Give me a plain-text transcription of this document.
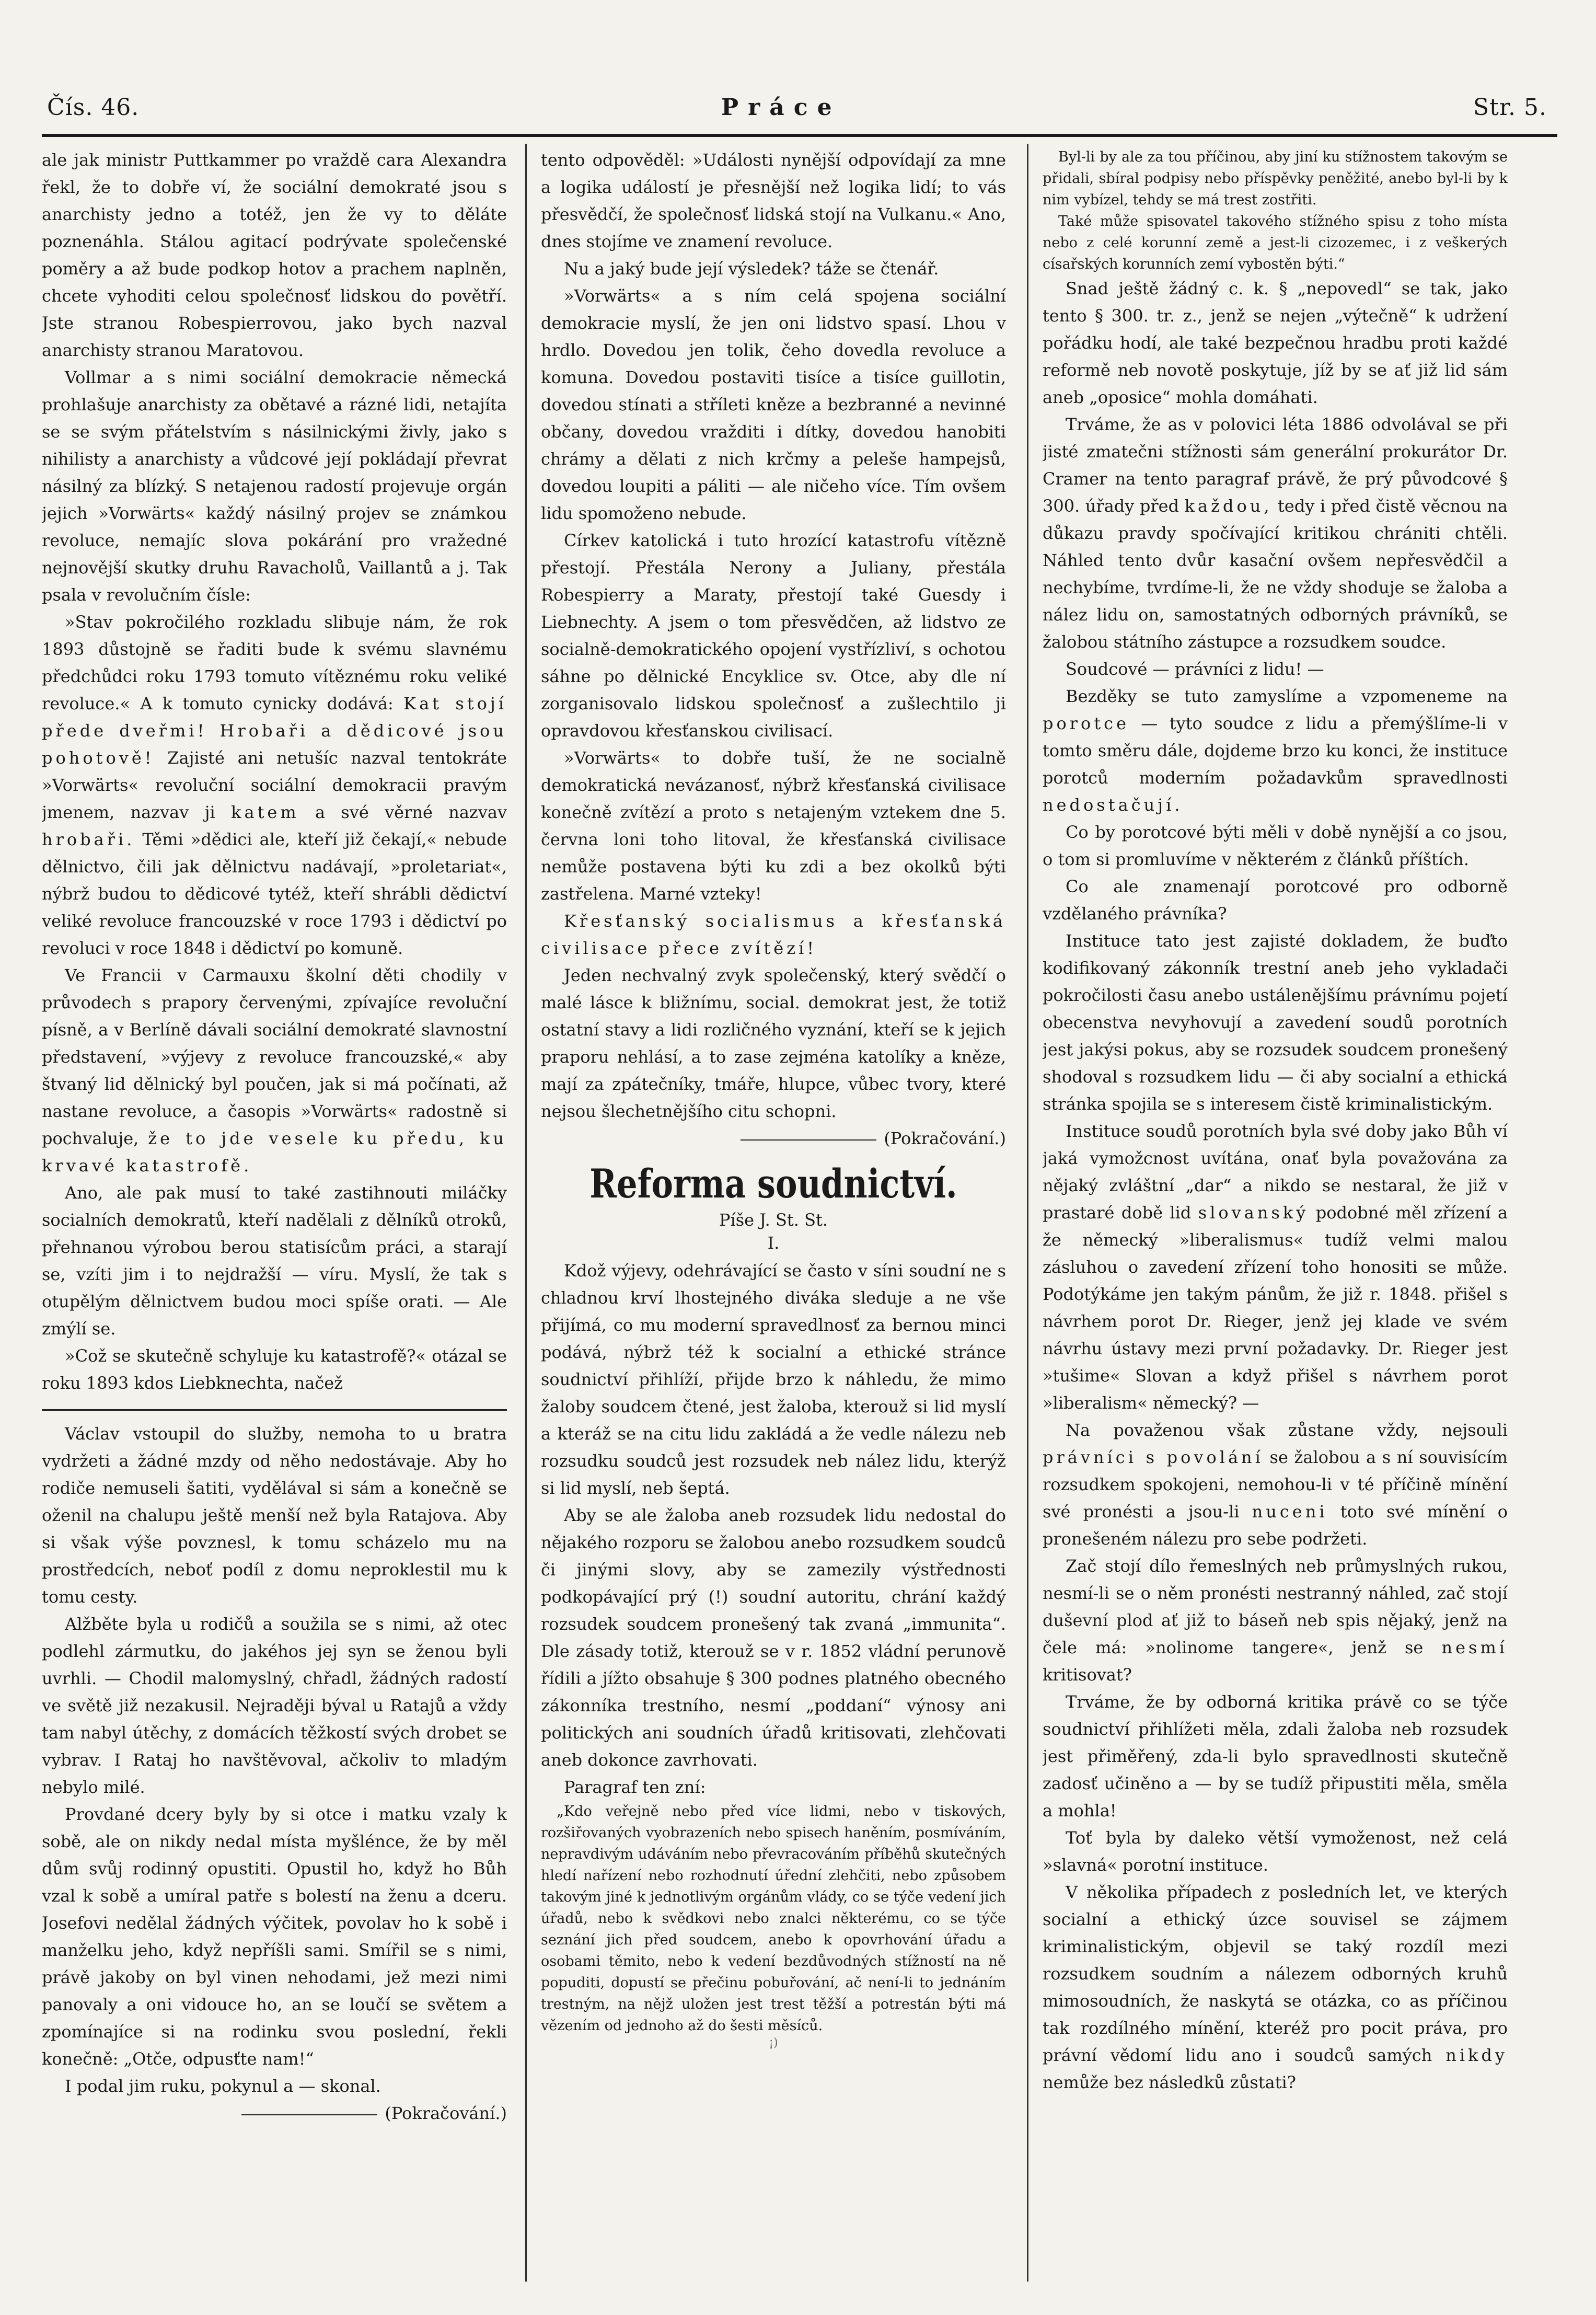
Čís. 46.	Práce	Str. 5.

ale jak ministr Puttkammer po vraždě cara Alexandra řekl, že to dobře ví, že sociální demokraté jsou s anarchisty jedno a totéž, jen že vy to děláte poznenáhla. Stálou agitací podrývate společenské poměry a až bude podkop hotov a prachem naplněn, chcete vyhoditi celou společnosť lidskou do povětří. Jste stranou Robespierrovou, jako bych nazval anarchisty stranou Maratovou.

Vollmar a s nimi sociální demokracie německá prohlašuje anarchisty za obětavé a rázné lidi, netajíta se se svým přátelstvím s násilnickými živly, jako s nihilisty a anarchisty a vůdcové její pokládají převrat násilný za blízký. S netajenou radostí projevuje orgán jejich »Vorwärts« každý násilný projev se známkou revoluce, nemajíc slova pokárání pro vražedné nejnovější skutky druhu Ravacholů, Vaillantů a j. Tak psala v revolučním čísle:

»Stav pokročilého rozkladu slibuje nám, že rok 1893 důstojně se řaditi bude k svému slavnému předchůdci roku 1793 tomuto vítěznému roku veliké revoluce.« A k tomuto cynicky dodává: Kat stojí přede dveřmi! Hrobaři a dědicové jsou pohotově! Zajisté ani netušíc nazval tentokráte »Vorwärts« revoluční sociální demokracii pravým jmenem, nazvav ji katem a své věrné nazvav hrobaři. Těmi »dědici ale, kteří již čekají,« nebude dělnictvo, čili jak dělnictvu nadávají, »proletariat«, nýbrž budou to dědicové tytéž, kteří shrábli dědictví veliké revoluce francouzské v roce 1793 i dědictví po revoluci v roce 1848 i dědictví po komuně.

Ve Francii v Carmauxu školní děti chodily v průvodech s prapory červenými, zpívajíce revoluční písně, a v Berlíně dávali sociální demokraté slavnostní představení, »výjevy z revoluce francouzské,« aby štvaný lid dělnický byl poučen, jak si má počínati, až nastane revoluce, a časopis »Vorwärts« radostně si pochvaluje, že to jde vesele ku předu, ku krvavé katastrofě.

Ano, ale pak musí to také zastihnouti miláčky socialních demokratů, kteří nadělali z dělníků otroků, přehnanou výrobou berou statisícům práci, a starají se, vzíti jim i to nejdražší — víru. Myslí, že tak s otupělým dělnictvem budou moci spíše orati. — Ale zmýlí se.

»Což se skutečně schyluje ku katastrofě?« otázal se roku 1893 kdos Liebknechta, načež

Václav vstoupil do služby, nemoha to u bratra vydržeti a žádné mzdy od něho nedostávaje. Aby ho rodiče nemuseli šatiti, vydělával si sám a konečně se oženil na chalupu ještě menší než byla Ratajova. Aby si však výše povznesl, k tomu scházelo mu na prostředcích, neboť podíl z domu neproklestil mu k tomu cesty.

Alžběte byla u rodičů a soužila se s nimi, až otec podlehl zármutku, do jakéhos jej syn se ženou byli uvrhli. — Chodil malomyslný, chřadl, žádných radostí ve světě již nezakusil. Nejraději býval u Ratajů a vždy tam nabyl útěchy, z domácích těžkostí svých drobet se vybrav. I Rataj ho navštěvoval, ačkoliv to mladým nebylo milé.

Provdané dcery byly by si otce i matku vzaly k sobě, ale on nikdy nedal místa myšlénce, že by měl dům svůj rodinný opustiti. Opustil ho, když ho Bůh vzal k sobě a umíral patře s bolestí na ženu a dceru. Josefovi nedělal žádných výčitek, povolav ho k sobě i manželku jeho, když nepříšli sami. Smířil se s nimi, právě jakoby on byl vinen nehodami, jež mezi nimi panovaly a oni vidouce ho, an se loučí se světem a zpomínajíce si na rodinku svou poslední, řekli konečně: „Otče, odpusťte nam!“

I podal jim ruku, pokynul a — skonal.

(Pokračování.)

tento odpověděl: »Události nynější odpovídají za mne a logika událostí je přesnější než logika lidí; to vás přesvědčí, že společnosť lidská stojí na Vulkanu.« Ano, dnes stojíme ve znamení revoluce.

Nu a jaký bude její výsledek? táže se čtenář.

»Vorwärts« a s ním celá spojena sociální demokracie myslí, že jen oni lidstvo spasí. Lhou v hrdlo. Dovedou jen tolik, čeho dovedla revoluce a komuna. Dovedou postaviti tisíce a tisíce guillotin, dovedou stínati a stříleti kněze a bezbranné a nevinné občany, dovedou vražditi i dítky, dovedou hanobiti chrámy a dělati z nich krčmy a peleše hampejsů, dovedou loupiti a páliti — ale ničeho více. Tím ovšem lidu spomoženo nebude.

Církev katolická i tuto hrozící katastrofu vítězně přestojí. Přestála Nerony a Juliany, přestála Robespierry a Maraty, přestojí také Guesdy i Liebnechty. A jsem o tom přesvědčen, až lidstvo ze socialně-demokratického opojení vystřízliví, s ochotou sáhne po dělnické Encyklice sv. Otce, aby dle ní zorganisovalo lidskou společnosť a zušlechtilo ji opravdovou křesťanskou civilisací.

»Vorwärts« to dobře tuší, že ne socialně demokratická nevázanosť, nýbrž křesťanská civilisace konečně zvítězí a proto s netajeným vztekem dne 5. června loni toho litoval, že křesťanská civilisace nemůže postavena býti ku zdi a bez okolků býti zastřelena. Marné vzteky!

Křesťanský socialismus a křesťanská civilisace přece zvítězí!

Jeden nechvalný zvyk společenský, který svědčí o malé lásce k bližnímu, social. demokrat jest, že totiž ostatní stavy a lidi rozličného vyznání, kteří se k jejich praporu nehlásí, a to zase zejména katolíky a kněze, mají za zpátečníky, tmáře, hlupce, vůbec tvory, které nejsou šlechetnějšího citu schopni.

(Pokračování.)

Reforma soudnictví.

Píše J. St. St.

I.

Kdož výjevy, odehrávající se často v síni soudní ne s chladnou krví lhostejného diváka sleduje a ne vše přijímá, co mu moderní spravedlnosť za bernou minci podává, nýbrž též k socialní a ethické stránce soudnictví přihlíží, přijde brzo k náhledu, že mimo žaloby soudcem čtené, jest žaloba, kterouž si lid myslí a kteráž se na citu lidu zakládá a že vedle nálezu neb rozsudku soudců jest rozsudek neb nález lidu, kterýž si lid myslí, neb šeptá.

Aby se ale žaloba aneb rozsudek lidu nedostal do nějakého rozporu se žalobou anebo rozsudkem soudců či jinými slovy, aby se zamezily výstřednosti podkopávající prý (!) soudní autoritu, chrání každý rozsudek soudcem pronešený tak zvaná „immunita“. Dle zásady totiž, kterouž se v r. 1852 vládní perunově řídili a jížto obsahuje § 300 podnes platného obecného zákonníka trestního, nesmí „poddaní“ výnosy ani politických ani soudních úřadů kritisovati, zlehčovati aneb dokonce zavrhovati.

Paragraf ten zní:

„Kdo veřejně nebo před více lidmi, nebo v tiskových, rozšiřovaných vyobrazeních nebo spisech haněním, posmíváním, nepravdivým udáváním nebo převracováním příběhů skutečných hledí nařízení nebo rozhodnutí úřední zlehčiti, nebo způsobem takovým jiné k jednotlivým orgánům vlády, co se týče vedení jich úřadů, nebo k svědkovi nebo znalci některému, co se týče seznání jich před soudcem, anebo k opovrhování úřadu a osobami těmito, nebo k vedení bezdůvodných stížností na ně popuditi, dopustí se přečinu pobuřování, ač není-li to jednáním trestným, na nějž uložen jest trest těžší a potrestán býti má vězením od jednoho až do šesti měsíců.

¡)

Byl-li by ale za tou příčinou, aby jiní ku stížnostem takovým se přidali, sbíral podpisy nebo příspěvky peněžité, anebo byl-li by k nim vybízel, tehdy se má trest zostřiti.

Také může spisovatel takového stížného spisu z toho místa nebo z celé korunní země a jest-li cizozemec, i z veškerých císařských korunních zemí vybostěn býti.“

Snad ještě žádný c. k. § „nepovedl“ se tak, jako tento § 300. tr. z., jenž se nejen „výtečně“ k udržení pořádku hodí, ale také bezpečnou hradbu proti každé reformě neb novotě poskytuje, jíž by se ať již lid sám aneb „oposice“ mohla domáhati.

Trváme, že as v polovici léta 1886 odvolával se při jisté zmatečni stížnosti sám generální prokurátor Dr. Cramer na tento paragraf právě, že prý původcové § 300. úřady před každou, tedy i před čistě věcnou na důkazu pravdy spočívající kritikou chrániti chtěli. Náhled tento dvůr kasační ovšem nepřesvědčil a nechybíme, tvrdíme-li, že ne vždy shoduje se žaloba a nález lidu on, samostatných odborných právníků, se žalobou státního zástupce a rozsudkem soudce.

Soudcové — právníci z lidu! —

Bezděky se tuto zamyslíme a vzpomeneme na porotce — tyto soudce z lidu a přemýšlíme-li v tomto směru dále, dojdeme brzo ku konci, že instituce porotců moderním požadavkům spravedlnosti nedostačují.

Co by porotcové býti měli v době nynější a co jsou, o tom si promluvíme v některém z článků příštích.

Co ale znamenají porotcové pro odborně vzdělaného právníka?

Instituce tato jest zajisté dokladem, že buďto kodifikovaný zákonník trestní aneb jeho vykladači pokročilosti času anebo ustálenějšímu právnímu pojetí obecenstva nevyhovují a zavedení soudů porotních jest jakýsi pokus, aby se rozsudek soudcem pronešený shodoval s rozsudkem lidu — či aby socialní a ethická stránka spojila se s interesem čistě kriminalistickým.

Instituce soudů porotních byla své doby jako Bůh ví jaká vymožcnost uvítána, onať byla považována za nějaký zvláštní „dar“ a nikdo se nestaral, že již v prastaré době lid slovanský podobné měl zřízení a že německý »liberalismus« tudíž velmi malou zásluhou o zavedení zřízení toho honositi se může. Podotýkáme jen takým pánům, že již r. 1848. přišel s návrhem porot Dr. Rieger, jenž jej klade ve svém návrhu ústavy mezi první požadavky. Dr. Rieger jest »tušime« Slovan a když přišel s návrhem porot »liberalism« německý? —

Na považenou však zůstane vždy, nejsouli právníci s povolání se žalobou a s ní souvisícím rozsudkem spokojeni, nemohou-li v té příčině mínění své pronésti a jsou-li nuceni toto své mínění o pronešeném nálezu pro sebe podržeti.

Zač stojí dílo řemeslných neb průmyslných rukou, nesmí-li se o něm pronésti nestranný náhled, zač stojí duševní plod ať již to báseň neb spis nějaký, jenž na čele má: »nolinome tangere«, jenž se nesmí kritisovat?

Trváme, že by odborná kritika právě co se týče soudnictví přihlížeti měla, zdali žaloba neb rozsudek jest přiměřený, zda-li bylo spravedlnosti skutečně zadosť učiněno a — by se tudíž připustiti měla, směla a mohla!

Toť byla by daleko větší vymoženost, než celá »slavná« porotní instituce.

V několika případech z posledních let, ve kterých socialní a ethický úzce souvisel se zájmem kriminalistickým, objevil se taký rozdíl mezi rozsudkem soudním a nálezem odborných kruhů mimosoudních, že naskytá se otázka, co as příčinou tak rozdílného mínění, kteréž pro pocit práva, pro právní vědomí lidu ano i soudců samých nikdy nemůže bez následků zůstati?
